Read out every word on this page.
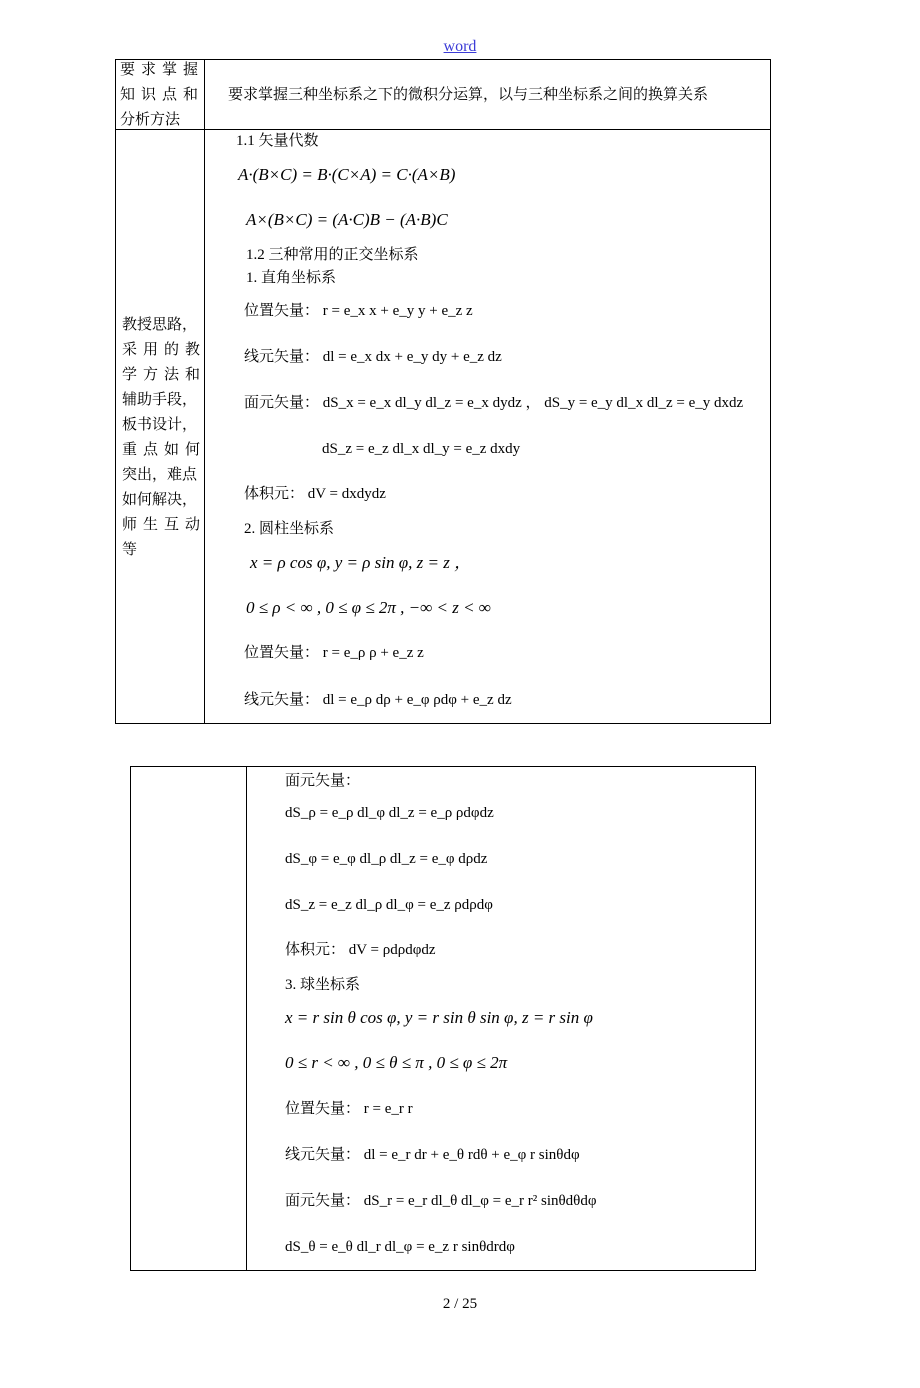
word
要 求 掌 握
知 识 点 和
分析方法
要求掌握三种坐标系之下的微积分运算，以与三种坐标系之间的换算关系
教授思路，
采 用 的 教
学 方 法 和
辅助手段，
板书设计，
重 点 如 何
突出，难点
如何解决，
师 生 互 动
等
1.1 矢量代数
A·(B×C) = B·(C×A) = C·(A×B)
A×(B×C) = (A·C)B − (A·B)C
1.2 三种常用的正交坐标系
1. 直角坐标系
位置矢量： r = e_x x + e_y y + e_z z
线元矢量： dl = e_x dx + e_y dy + e_z dz
面元矢量： dS_x = e_x dl_y dl_z = e_x dydz ， dS_y = e_y dl_x dl_z = e_y dxdz
dS_z = e_z dl_x dl_y = e_z dxdy
体积元： dV = dxdydz
2. 圆柱坐标系
x = ρ cos φ, y = ρ sin φ, z = z ，
0 ≤ ρ < ∞ , 0 ≤ φ ≤ 2π , −∞ < z < ∞
位置矢量： r = e_ρ ρ + e_z z
线元矢量： dl = e_ρ dρ + e_φ ρdφ + e_z dz
面元矢量：
dS_ρ = e_ρ dl_φ dl_z = e_ρ ρdφdz
dS_φ = e_φ dl_ρ dl_z = e_φ dρdz
dS_z = e_z dl_ρ dl_φ = e_z ρdρdφ
体积元： dV = ρdρdφdz
3. 球坐标系
x = r sin θ cos φ, y = r sin θ sin φ, z = r sin φ
0 ≤ r < ∞ , 0 ≤ θ ≤ π , 0 ≤ φ ≤ 2π
位置矢量： r = e_r r
线元矢量： dl = e_r dr + e_θ rdθ + e_φ r sinθdφ
面元矢量： dS_r = e_r dl_θ dl_φ = e_r r² sinθdθdφ
dS_θ = e_θ dl_r dl_φ = e_z r sinθdrdφ
2 / 25
